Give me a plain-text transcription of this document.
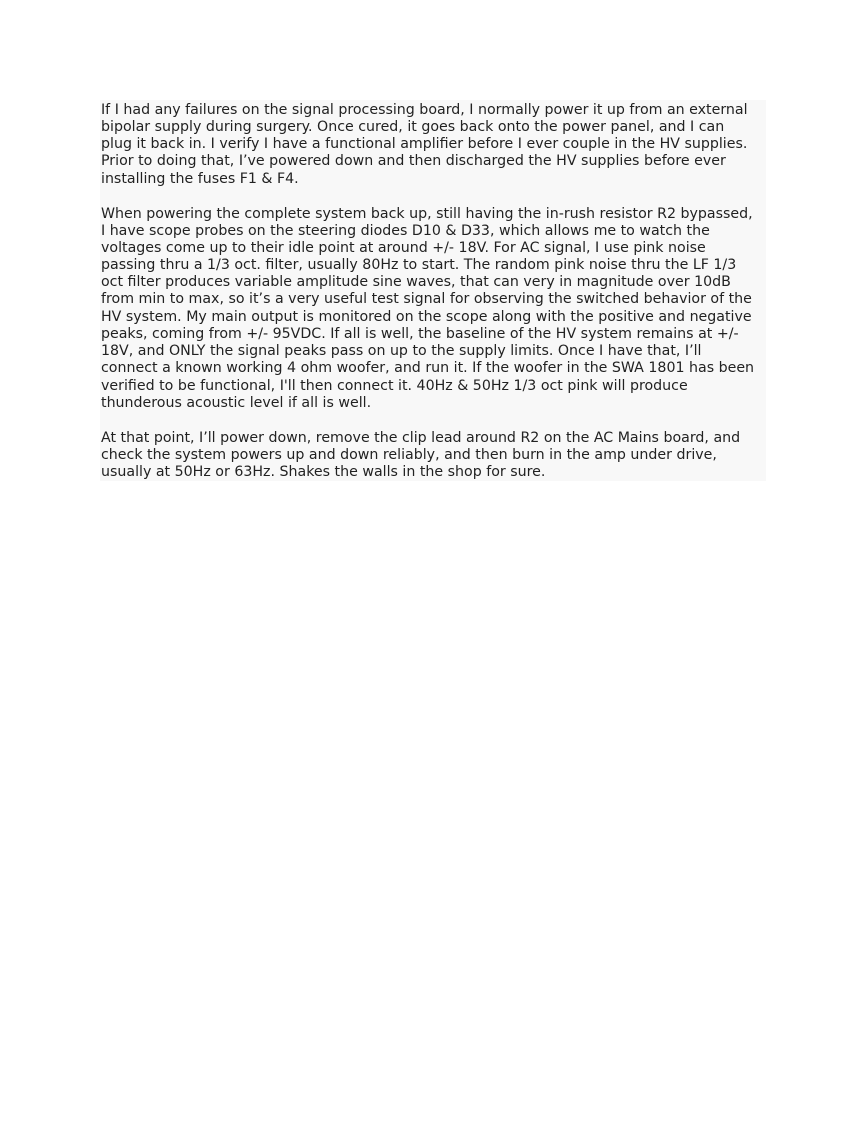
If I had any failures on the signal processing board, I normally power it up from an external
bipolar supply during surgery. Once cured, it goes back onto the power panel, and I can
plug it back in. I verify I have a functional amplifier before I ever couple in the HV supplies.
Prior to doing that, I’ve powered down and then discharged the HV supplies before ever
installing the fuses F1 & F4.
When powering the complete system back up, still having the in-rush resistor R2 bypassed,
I have scope probes on the steering diodes D10 & D33, which allows me to watch the
voltages come up to their idle point at around +/- 18V. For AC signal, I use pink noise
passing thru a 1/3 oct. filter, usually 80Hz to start. The random pink noise thru the LF 1/3
oct filter produces variable amplitude sine waves, that can very in magnitude over 10dB
from min to max, so it’s a very useful test signal for observing the switched behavior of the
HV system. My main output is monitored on the scope along with the positive and negative
peaks, coming from +/- 95VDC. If all is well, the baseline of the HV system remains at +/-
18V, and ONLY the signal peaks pass on up to the supply limits. Once I have that, I’ll
connect a known working 4 ohm woofer, and run it. If the woofer in the SWA 1801 has been
verified to be functional, I'll then connect it. 40Hz & 50Hz 1/3 oct pink will produce
thunderous acoustic level if all is well.
At that point, I’ll power down, remove the clip lead around R2 on the AC Mains board, and
check the system powers up and down reliably, and then burn in the amp under drive,
usually at 50Hz or 63Hz. Shakes the walls in the shop for sure.
